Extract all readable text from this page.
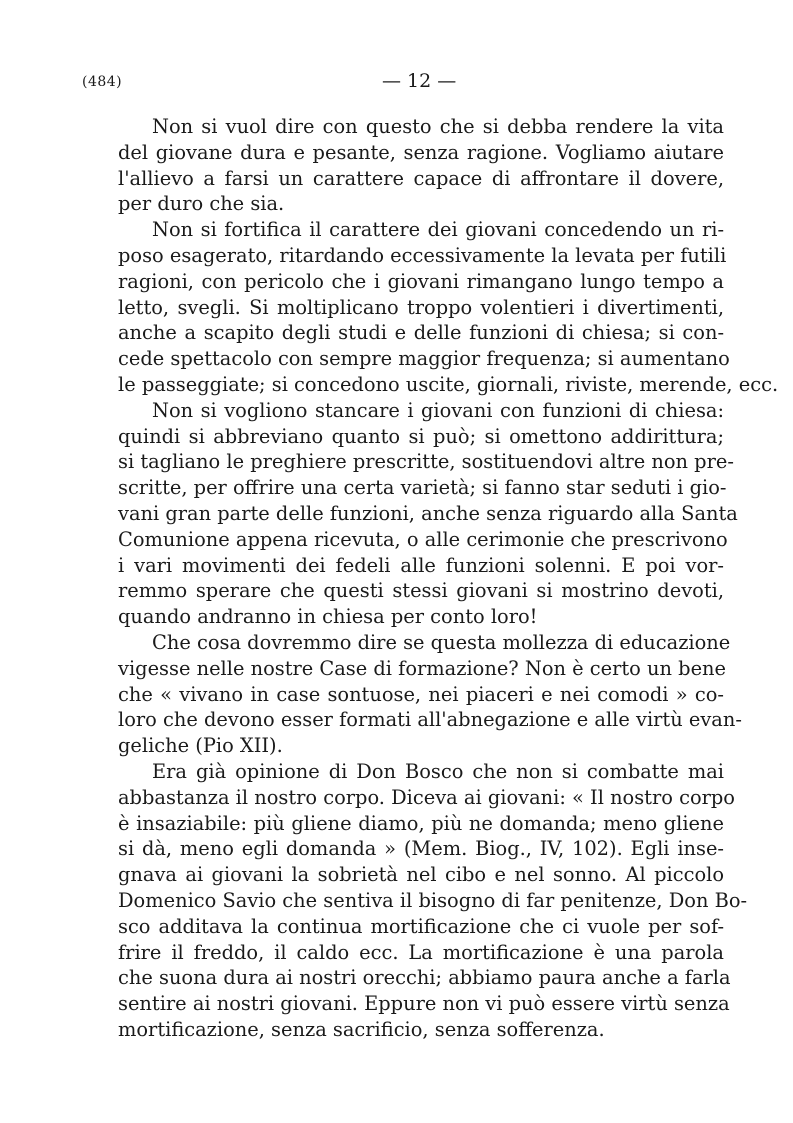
(484)	— 12 —

Non si vuol dire con questo che si debba rendere la vita
del giovane dura e pesante, senza ragione. Vogliamo aiutare
l'allievo a farsi un carattere capace di affrontare il dovere,
per duro che sia.

Non si fortifica il carattere dei giovani concedendo un ri-
poso esagerato, ritardando eccessivamente la levata per futili
ragioni, con pericolo che i giovani rimangano lungo tempo a
letto, svegli. Si moltiplicano troppo volentieri i divertimenti,
anche a scapito degli studi e delle funzioni di chiesa; si con-
cede spettacolo con sempre maggior frequenza; si aumentano
le passeggiate; si concedono uscite, giornali, riviste, merende, ecc.

Non si vogliono stancare i giovani con funzioni di chiesa:
quindi si abbreviano quanto si può; si omettono addirittura;
si tagliano le preghiere prescritte, sostituendovi altre non pre-
scritte, per offrire una certa varietà; si fanno star seduti i gio-
vani gran parte delle funzioni, anche senza riguardo alla Santa
Comunione appena ricevuta, o alle cerimonie che prescrivono
i vari movimenti dei fedeli alle funzioni solenni. E poi vor-
remmo sperare che questi stessi giovani si mostrino devoti,
quando andranno in chiesa per conto loro!

Che cosa dovremmo dire se questa mollezza di educazione
vigesse nelle nostre Case di formazione? Non è certo un bene
che « vivano in case sontuose, nei piaceri e nei comodi » co-
loro che devono esser formati all'abnegazione e alle virtù evan-
geliche (Pio XII).

Era già opinione di Don Bosco che non si combatte mai
abbastanza il nostro corpo. Diceva ai giovani: « Il nostro corpo
è insaziabile: più gliene diamo, più ne domanda; meno gliene
si dà, meno egli domanda » (Mem. Biog., IV, 102). Egli inse-
gnava ai giovani la sobrietà nel cibo e nel sonno. Al piccolo
Domenico Savio che sentiva il bisogno di far penitenze, Don Bo-
sco additava la continua mortificazione che ci vuole per sof-
frire il freddo, il caldo ecc. La mortificazione è una parola
che suona dura ai nostri orecchi; abbiamo paura anche a farla
sentire ai nostri giovani. Eppure non vi può essere virtù senza
mortificazione, senza sacrificio, senza sofferenza.
